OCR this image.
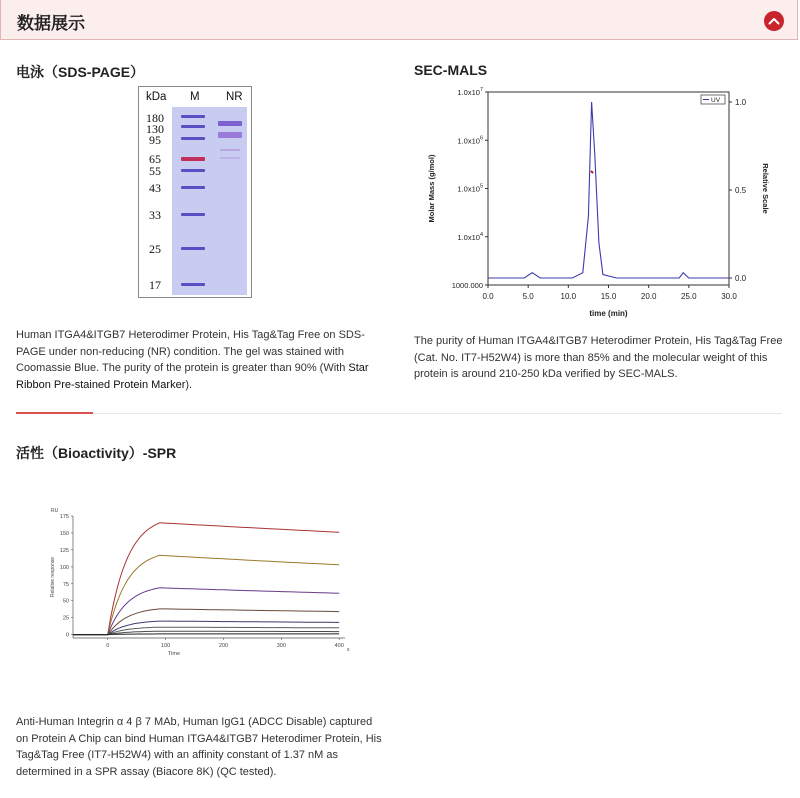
数据展示
电泳（SDS-PAGE）
kDa M NR
180
130
95
65
55
43
33
25
17

Human ITGA4&ITGB7 Heterodimer Protein, His Tag&Tag Free on SDS-PAGE under non-reducing (NR) condition. The gel was stained with Coomassie Blue. The purity of the protein is greater than 90% (With Star Ribbon Pre-stained Protein Marker).

SEC-MALS
0.0	5.0	10.0	15.0	20.0	25.0	30.0
time (min)
1000.000
$1.0x10^4$
$1.0x10^5$
$1.0x10^6$
$1.0x10^7$
Molar Mass (g/mol)
0.0
0.5
1.0
Relative Scale
UV

The purity of Human ITGA4&ITGB7 Heterodimer Protein, His Tag&Tag Free (Cat. No. IT7-H52W4) is more than 85% and the molecular weight of this protein is around 210-250 kDa verified by SEC-MALS.

活性（Bioactivity）-SPR
RU
s
0
25
50
75
100
125
150
175
0	100	200	300	400
Time
Relative response

Anti-Human Integrin α 4 β 7 MAb, Human IgG1 (ADCC Disable) captured on Protein A Chip can bind Human ITGA4&ITGB7 Heterodimer Protein, His Tag&Tag Free (IT7-H52W4) with an affinity constant of 1.37 nM as determined in a SPR assay (Biacore 8K) (QC tested).
